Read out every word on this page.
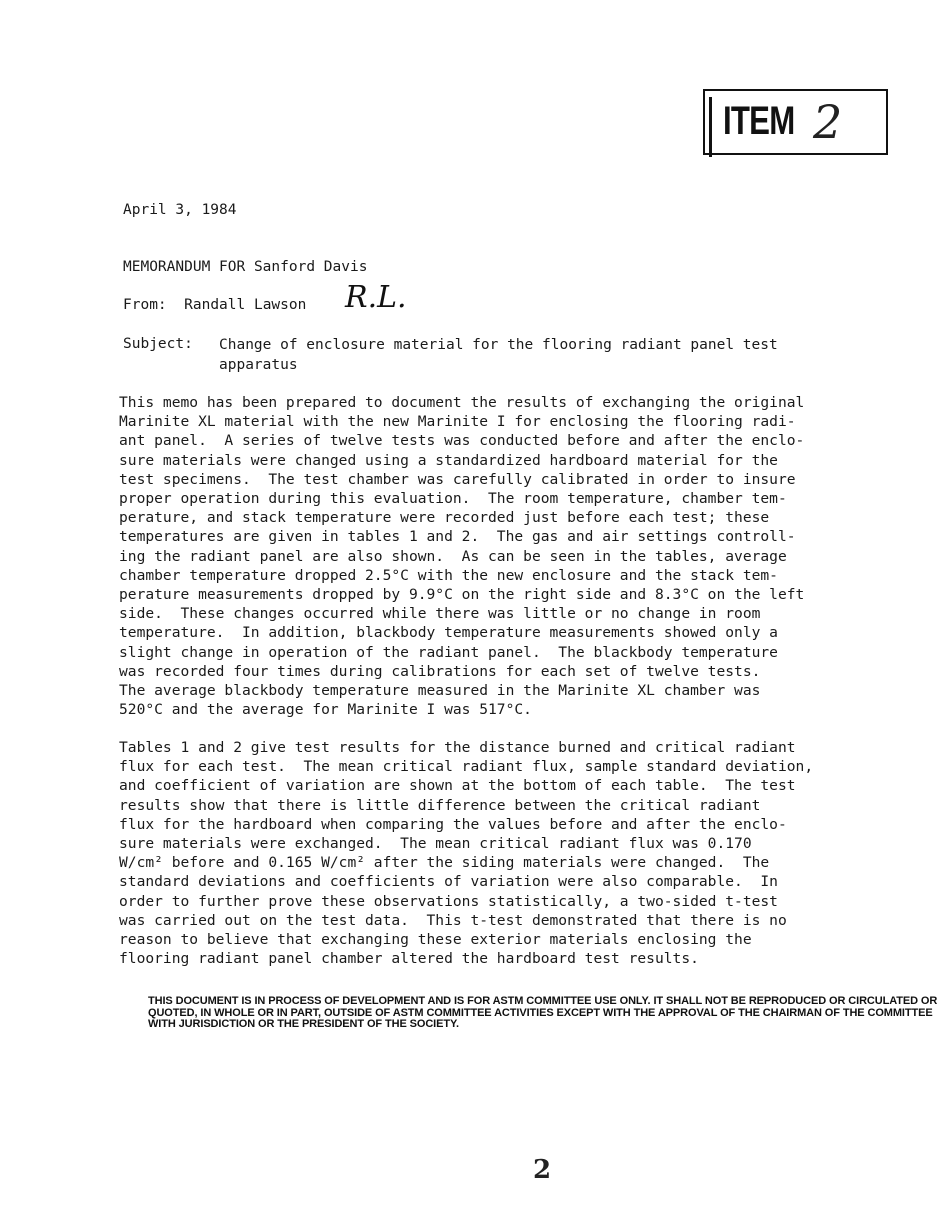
ITEM 2
April 3, 1984
MEMORANDUM FOR Sanford Davis
From: Randall Lawson R.L.
Subject: Change of enclosure material for the flooring radiant panel test apparatus
This memo has been prepared to document the results of exchanging the original
Marinite XL material with the new Marinite I for enclosing the flooring radi-
ant panel.  A series of twelve tests was conducted before and after the enclo-
sure materials were changed using a standardized hardboard material for the
test specimens.  The test chamber was carefully calibrated in order to insure
proper operation during this evaluation.  The room temperature, chamber tem-
perature, and stack temperature were recorded just before each test; these
temperatures are given in tables 1 and 2.  The gas and air settings controll-
ing the radiant panel are also shown.  As can be seen in the tables, average
chamber temperature dropped 2.5°C with the new enclosure and the stack tem-
perature measurements dropped by 9.9°C on the right side and 8.3°C on the left
side.  These changes occurred while there was little or no change in room
temperature.  In addition, blackbody temperature measurements showed only a
slight change in operation of the radiant panel.  The blackbody temperature
was recorded four times during calibrations for each set of twelve tests.
The average blackbody temperature measured in the Marinite XL chamber was
520°C and the average for Marinite I was 517°C.
Tables 1 and 2 give test results for the distance burned and critical radiant
flux for each test.  The mean critical radiant flux, sample standard deviation,
and coefficient of variation are shown at the bottom of each table.  The test
results show that there is little difference between the critical radiant
flux for the hardboard when comparing the values before and after the enclo-
sure materials were exchanged.  The mean critical radiant flux was 0.170
W/cm² before and 0.165 W/cm² after the siding materials were changed.  The
standard deviations and coefficients of variation were also comparable.  In
order to further prove these observations statistically, a two-sided t-test
was carried out on the test data.  This t-test demonstrated that there is no
reason to believe that exchanging these exterior materials enclosing the
flooring radiant panel chamber altered the hardboard test results.
THIS DOCUMENT IS IN PROCESS OF DEVELOPMENT AND IS FOR ASTM COMMITTEE USE ONLY. IT SHALL NOT BE REPRODUCED OR CIRCULATED OR QUOTED, IN WHOLE OR IN PART, OUTSIDE OF ASTM COMMITTEE ACTIVITIES EXCEPT WITH THE APPROVAL OF THE CHAIRMAN OF THE COMMITTEE WITH JURISDICTION OR THE PRESIDENT OF THE SOCIETY.
2
